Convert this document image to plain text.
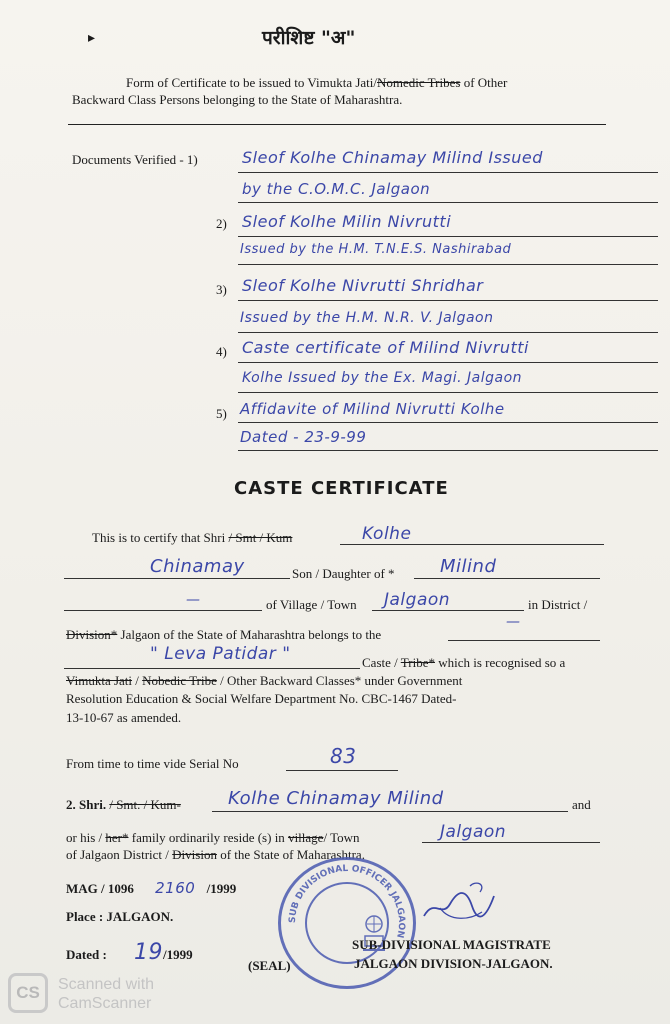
▸	परीशिष्ट "अ"
Form of Certificate to be issued to Vimukta Jati/Nomedic Tribes of Other
Backward Class Persons belonging to the State of Maharashtra.
Documents Verified - 1)	Sleof Kolhe Chinamay Milind Issued
by the C.O.M.C. Jalgaon
2) Sleof Kolhe Milin Nivrutti
Issued by the H.M. T.N.E.S. Nashirabad
3) Sleof Kolhe Nivrutti Shridhar
Issued by the H.M. N.R. V. Jalgaon
4) Caste certificate of Milind Nivrutti
Kolhe Issued by the Ex. Magi. Jalgaon
5) Affidavite of Milind Nivrutti Kolhe
Dated - 23-9-99
CASTE CERTIFICATE
This is to certify that Shri / Smt / Kum	Kolhe
Chinamay	Son / Daughter of *	Milind
—	of Village / Town Jalgaon	in District /
Division* Jalgaon of the State of Maharashtra belongs to the
—
" Leva Patidar "	Caste / Tribe* which is recognised so a
Vimukta Jati / Nobedic Tribe / Other Backward Classes* under Government
Resolution Education & Social Welfare Department No. CBC-1467 Dated-
13-10-67 as amended.
From time to time vide Serial No	83
2. Shri. / Smt. / Kum-	Kolhe Chinamay Milind	and
or his / her* family ordinarily reside (s) in village/ Town	Jalgaon
of Jalgaon District / Division of the State of Maharashtra.
MAG / 1096 2160 /1999
Place : JALGAON.
Dated : 19/1999
SUB DIVISIONAL OFFICER JALGAON
(SEAL)
SUB-DIVISIONAL MAGISTRATE
JALGAON DIVISION-JALGAON.
CS	Scanned with
CamScanner
